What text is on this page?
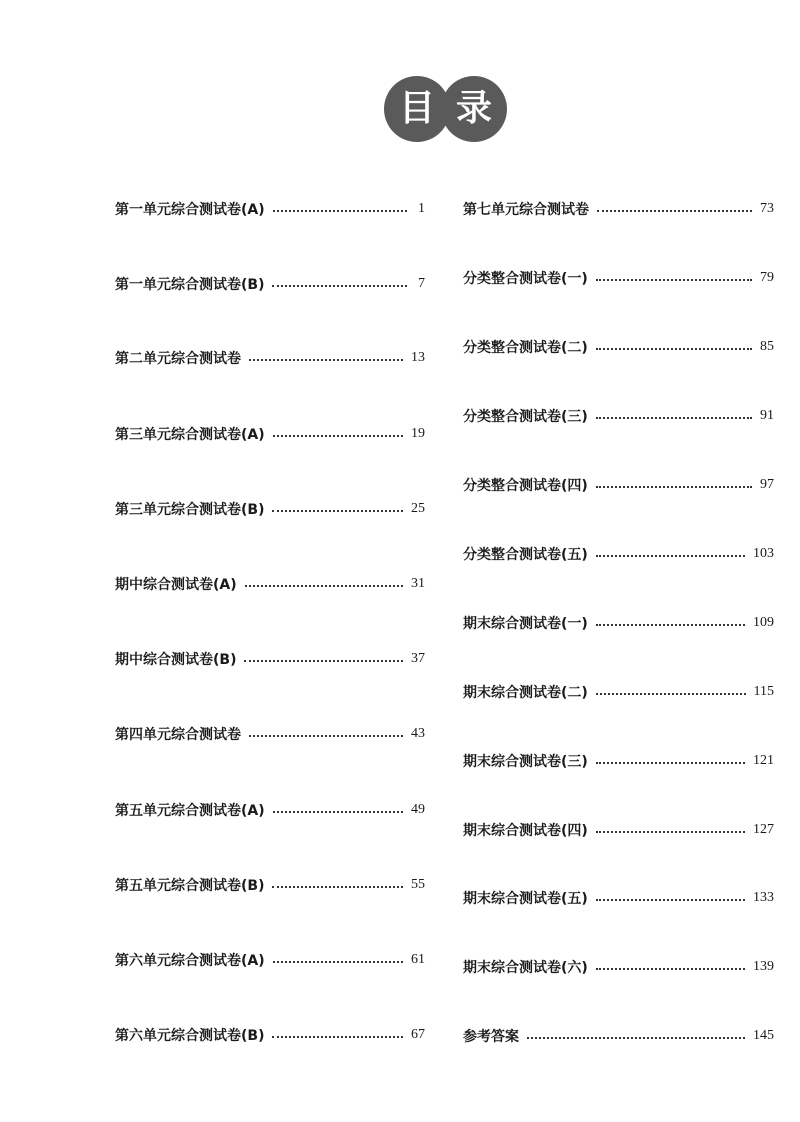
目 录
第一单元综合测试卷(A)	1
第一单元综合测试卷(B)	7
第二单元综合测试卷	13
第三单元综合测试卷(A)	19
第三单元综合测试卷(B)	25
期中综合测试卷(A)	31
期中综合测试卷(B)	37
第四单元综合测试卷	43
第五单元综合测试卷(A)	49
第五单元综合测试卷(B)	55
第六单元综合测试卷(A)	61
第六单元综合测试卷(B)	67
第七单元综合测试卷	73
分类整合测试卷(一)	79
分类整合测试卷(二)	85
分类整合测试卷(三)	91
分类整合测试卷(四)	97
分类整合测试卷(五)	103
期末综合测试卷(一)	109
期末综合测试卷(二)	115
期末综合测试卷(三)	121
期末综合测试卷(四)	127
期末综合测试卷(五)	133
期末综合测试卷(六)	139
参考答案	145
